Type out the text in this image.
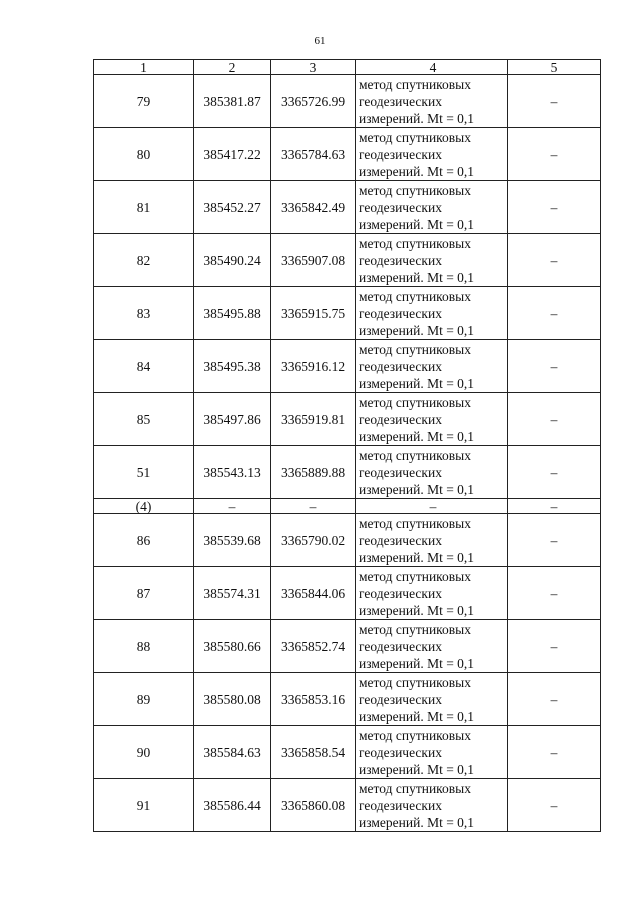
61
1	2	3	4	5
79	385381.87	3365726.99	метод спутниковых
геодезических
измерений. Mt = 0,1	–
80	385417.22	3365784.63	метод спутниковых
геодезических
измерений. Mt = 0,1	–
81	385452.27	3365842.49	метод спутниковых
геодезических
измерений. Mt = 0,1	–
82	385490.24	3365907.08	метод спутниковых
геодезических
измерений. Mt = 0,1	–
83	385495.88	3365915.75	метод спутниковых
геодезических
измерений. Mt = 0,1	–
84	385495.38	3365916.12	метод спутниковых
геодезических
измерений. Mt = 0,1	–
85	385497.86	3365919.81	метод спутниковых
геодезических
измерений. Mt = 0,1	–
51	385543.13	3365889.88	метод спутниковых
геодезических
измерений. Mt = 0,1	–
(4)	–	–	–	–
86	385539.68	3365790.02	метод спутниковых
геодезических
измерений. Mt = 0,1	–
87	385574.31	3365844.06	метод спутниковых
геодезических
измерений. Mt = 0,1	–
88	385580.66	3365852.74	метод спутниковых
геодезических
измерений. Mt = 0,1	–
89	385580.08	3365853.16	метод спутниковых
геодезических
измерений. Mt = 0,1	–
90	385584.63	3365858.54	метод спутниковых
геодезических
измерений. Mt = 0,1	–
91	385586.44	3365860.08	метод спутниковых
геодезических
измерений. Mt = 0,1	–
